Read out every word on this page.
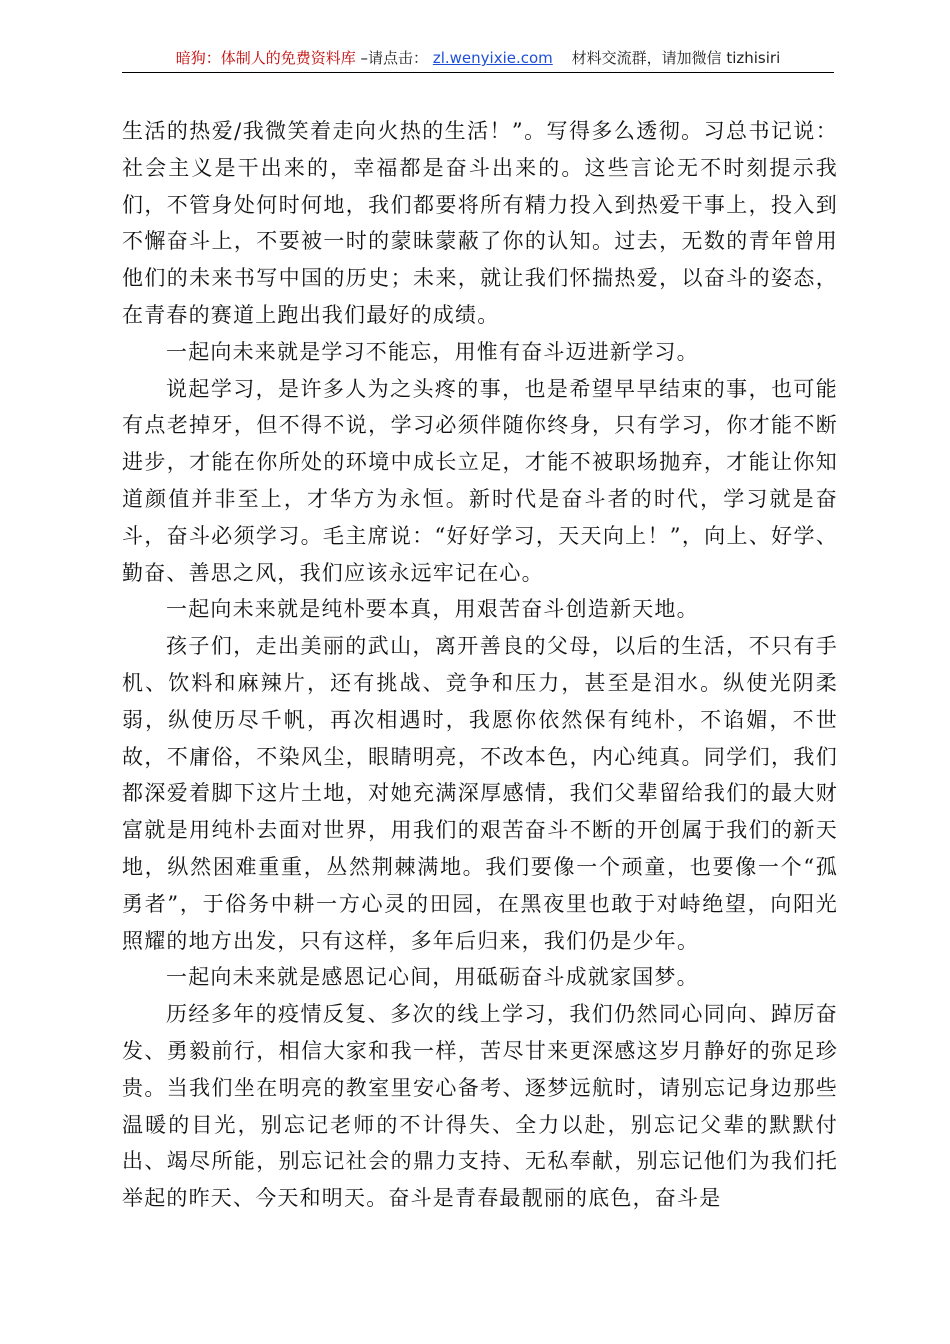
暗狗：体制人的免费资料库 –请点击： zl.wenyixie.com 材料交流群，请加微信 tizhisiri

生活的热爱/我微笑着走向火热的生活！”。写得多么透彻。习总书记说：社会主义是干出来的，幸福都是奋斗出来的。这些言论无不时刻提示我们，不管身处何时何地，我们都要将所有精力投入到热爱干事上，投入到不懈奋斗上，不要被一时的蒙昧蒙蔽了你的认知。过去，无数的青年曾用他们的未来书写中国的历史；未来，就让我们怀揣热爱，以奋斗的姿态，在青春的赛道上跑出我们最好的成绩。

一起向未来就是学习不能忘，用惟有奋斗迈进新学习。

说起学习，是许多人为之头疼的事，也是希望早早结束的事，也可能有点老掉牙，但不得不说，学习必须伴随你终身，只有学习，你才能不断进步，才能在你所处的环境中成长立足，才能不被职场抛弃，才能让你知道颜值并非至上，才华方为永恒。新时代是奋斗者的时代，学习就是奋斗，奋斗必须学习。毛主席说：“好好学习，天天向上！”，向上、好学、勤奋、善思之风，我们应该永远牢记在心。

一起向未来就是纯朴要本真，用艰苦奋斗创造新天地。

孩子们，走出美丽的武山，离开善良的父母，以后的生活，不只有手机、饮料和麻辣片，还有挑战、竞争和压力，甚至是泪水。纵使光阴柔弱，纵使历尽千帆，再次相遇时，我愿你依然保有纯朴，不谄媚，不世故，不庸俗，不染风尘，眼睛明亮，不改本色，内心纯真。同学们，我们都深爱着脚下这片土地，对她充满深厚感情，我们父辈留给我们的最大财富就是用纯朴去面对世界，用我们的艰苦奋斗不断的开创属于我们的新天地，纵然困难重重，丛然荆棘满地。我们要像一个顽童，也要像一个“孤勇者”，于俗务中耕一方心灵的田园，在黑夜里也敢于对峙绝望，向阳光照耀的地方出发，只有这样，多年后归来，我们仍是少年。

一起向未来就是感恩记心间，用砥砺奋斗成就家国梦。

历经多年的疫情反复、多次的线上学习，我们仍然同心同向、踔厉奋发、勇毅前行，相信大家和我一样，苦尽甘来更深感这岁月静好的弥足珍贵。当我们坐在明亮的教室里安心备考、逐梦远航时，请别忘记身边那些温暖的目光，别忘记老师的不计得失、全力以赴，别忘记父辈的默默付出、竭尽所能，别忘记社会的鼎力支持、无私奉献，别忘记他们为我们托举起的昨天、今天和明天。奋斗是青春最靓丽的底色，奋斗是
